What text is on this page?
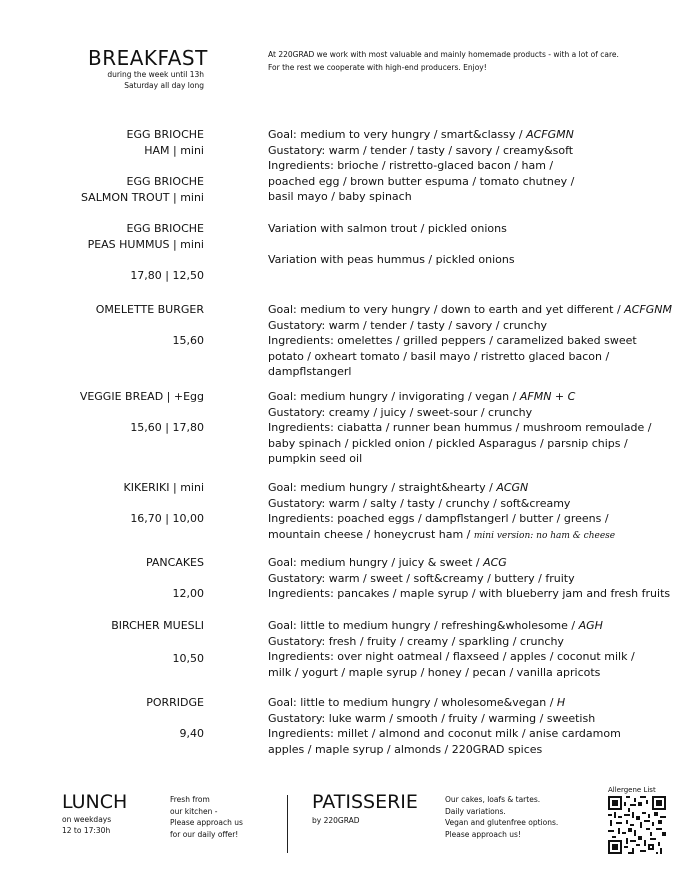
BREAKFAST
during the week until 13h
Saturday all day long
At 220GRAD we work with most valuable and mainly homemade products - with a lot of care.
For the rest we cooperate with high-end producers. Enjoy!
EGG BRIOCHE
HAM | mini
EGG BRIOCHE
SALMON TROUT | mini
EGG BRIOCHE
PEAS HUMMUS | mini
17,80 | 12,50
Goal: medium to very hungry / smart&classy / ACFGMN
Gustatory: warm / tender / tasty / savory / creamy&soft
Ingredients: brioche / ristretto-glaced bacon / ham /
poached egg / brown butter espuma / tomato chutney /
basil mayo / baby spinach
Variation with salmon trout / pickled onions
Variation with peas hummus / pickled onions
OMELETTE BURGER
15,60
Goal: medium to very hungry / down to earth and yet different / ACFGNM
Gustatory: warm / tender / tasty / savory / crunchy
Ingredients: omelettes / grilled peppers / caramelized baked sweet
potato / oxheart tomato / basil mayo / ristretto glaced bacon /
dampflstangerl
VEGGIE BREAD | +Egg
15,60 | 17,80
Goal: medium hungry / invigorating / vegan / AFMN + C
Gustatory: creamy / juicy / sweet-sour / crunchy
Ingredients: ciabatta / runner bean hummus / mushroom remoulade /
baby spinach / pickled onion / pickled Asparagus / parsnip chips /
pumpkin seed oil
KIKERIKI | mini
16,70 | 10,00
Goal: medium hungry / straight&hearty / ACGN
Gustatory: warm / salty / tasty / crunchy / soft&creamy
Ingredients: poached eggs / dampflstangerl / butter / greens /
mountain cheese / honeycrust ham / mini version: no ham & cheese
PANCAKES
12,00
Goal: medium hungry / juicy & sweet / ACG
Gustatory: warm / sweet / soft&creamy / buttery / fruity
Ingredients: pancakes / maple syrup / with blueberry jam and fresh fruits
BIRCHER MUESLI
10,50
Goal: little to medium hungry / refreshing&wholesome / AGH
Gustatory: fresh / fruity / creamy / sparkling / crunchy
Ingredients: over night oatmeal / flaxseed / apples / coconut milk /
milk / yogurt / maple syrup / honey / pecan / vanilla apricots
PORRIDGE
9,40
Goal: little to medium hungry / wholesome&vegan / H
Gustatory: luke warm / smooth / fruity / warming / sweetish
Ingredients: millet / almond and coconut milk / anise cardamom
apples / maple syrup / almonds / 220GRAD spices
LUNCH
on weekdays
12 to 17:30h
Fresh from
our kitchen -
Please approach us
for our daily offer!
PATISSERIE
by 220GRAD
Our cakes, loafs & tartes.
Daily variations.
Vegan and glutenfree options.
Please approach us!
Allergene List
